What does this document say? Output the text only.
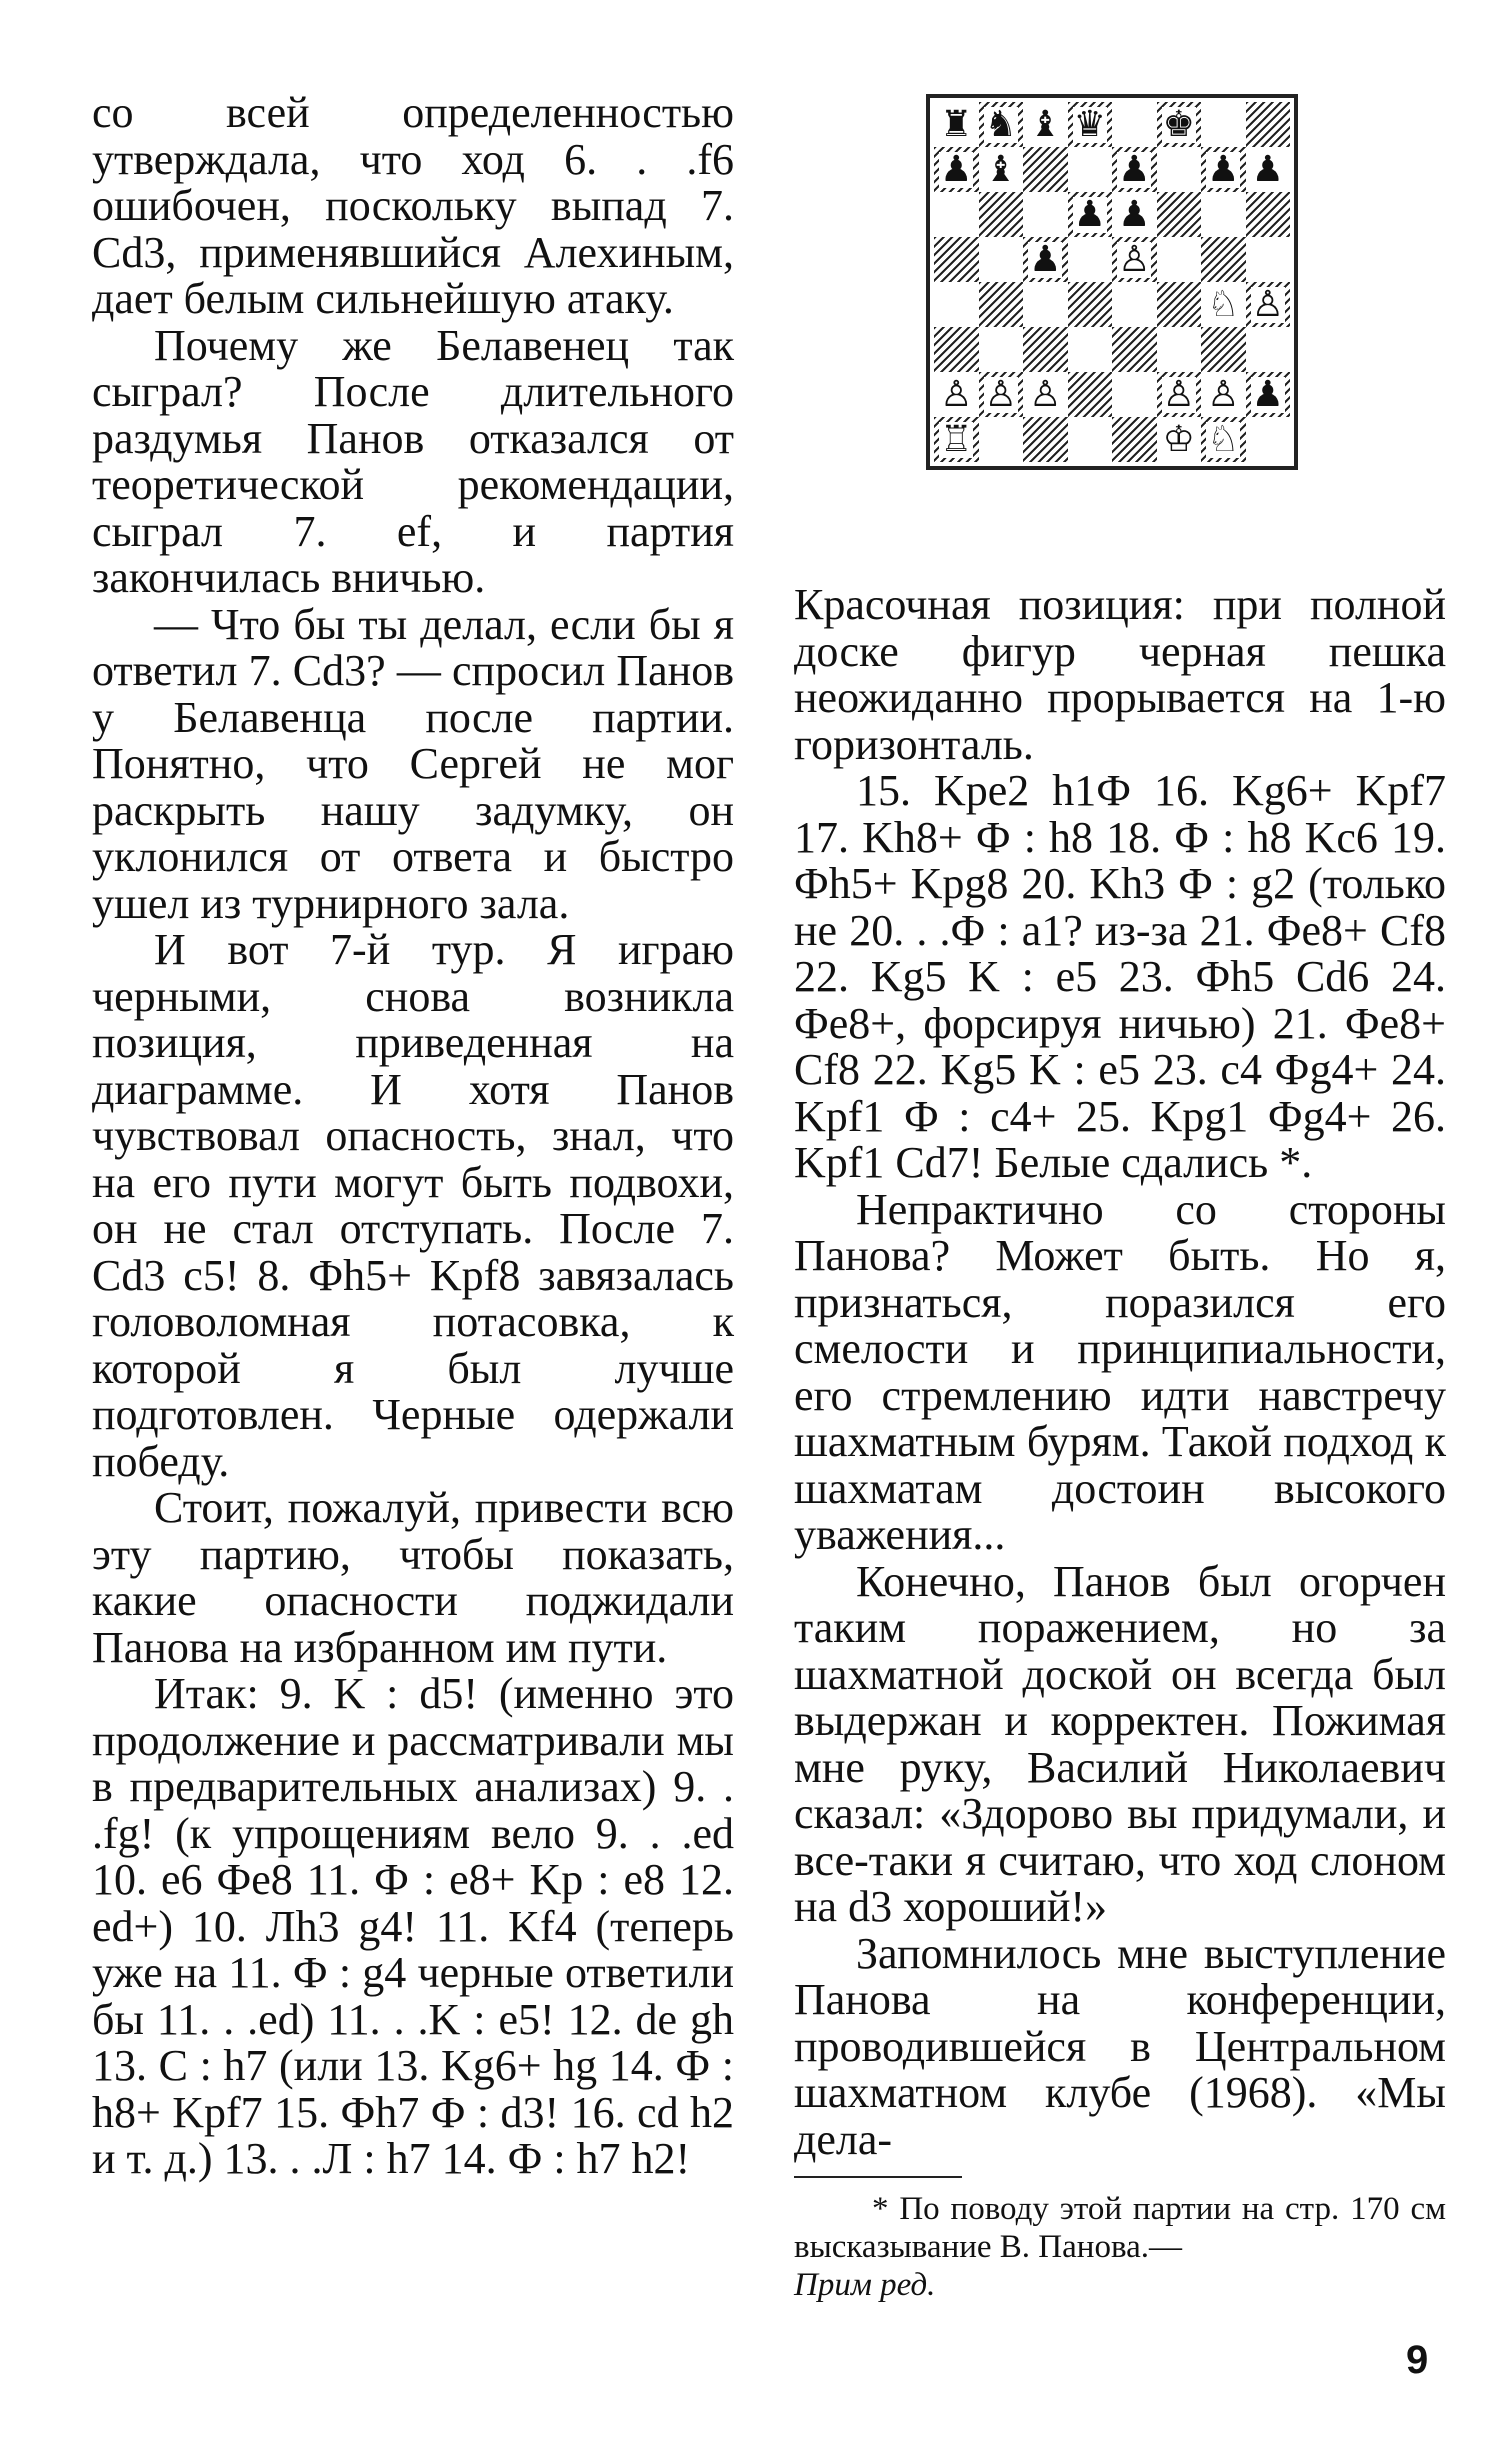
со всей определенностью утверждала, что ход 6. . .f6 ошибочен, поскольку выпад 7. Cd3, применявшийся Алехиным, дает белым сильнейшую атаку.

Почему же Белавенец так сыграл? После длительного раздумья Панов отказался от теоретической рекомендации, сыграл 7. ef, и партия закончилась вничью.

— Что бы ты делал, если бы я ответил 7. Cd3? — спросил Панов у Белавенца после партии. Понятно, что Сергей не мог раскрыть нашу задумку, он уклонился от ответа и быстро ушел из турнирного зала.

И вот 7-й тур. Я играю черными, снова возникла позиция, приведенная на диаграмме. И хотя Панов чувствовал опасность, знал, что на его пути могут быть подвохи, он не стал отступать. После 7. Cd3 c5! 8. Фh5+ Kpf8 завязалась головоломная потасовка, к которой я был лучше подготовлен. Черные одержали победу.

Стоит, пожалуй, привести всю эту партию, чтобы показать, какие опасности поджидали Панова на избранном им пути.

Итак: 9. K : d5! (именно это продолжение и рассматривали мы в предварительных анализах) 9. . .fg! (к упрощениям вело 9. . .ed 10. e6 Фe8 11. Ф : e8+ Kp : e8 12. ed+) 10. Лh3 g4! 11. Kf4 (теперь уже на 11. Ф : g4 черные ответили бы 11. . .ed) 11. . .K : e5! 12. de gh 13. C : h7 (или 13. Kg6+ hg 14. Ф : h8+ Kpf7 15. Фh7 Ф : d3! 16. cd h2 и т. д.) 13. . .Л : h7 14. Ф : h7 h2!

♜ ♞ ♝ ♛ ♚
♟ ♝	♟ ♟ ♟
♟ ♟
♟ ♙
♘ ♙
♙ ♙ ♙	♙ ♙ ♟
♖	♔ ♘

Красочная позиция: при полной доске фигур черная пешка неожиданно прорывается на 1-ю горизонталь.

15. Kpe2 h1Ф 16. Kg6+ Kpf7 17. Kh8+ Ф : h8 18. Ф : h8 Kc6 19. Фh5+ Kpg8 20. Kh3 Ф : g2 (только не 20. . .Ф : a1? из-за 21. Фe8+ Cf8 22. Kg5 K : e5 23. Фh5 Cd6 24. Фe8+, форсируя ничью) 21. Фe8+ Cf8 22. Kg5 K : e5 23. c4 Фg4+ 24. Kpf1 Ф : c4+ 25. Kpg1 Фg4+ 26. Kpf1 Cd7! Белые сдались *.

Непрактично со стороны Панова? Может быть. Но я, признаться, поразился его смелости и принципиальности, его стремлению идти навстречу шахматным бурям. Такой подход к шахматам достоин высокого уважения...

Конечно, Панов был огорчен таким поражением, но за шахматной доской он всегда был выдержан и корректен. Пожимая мне руку, Василий Николаевич сказал: «Здорово вы придумали, и все-таки я считаю, что ход слоном на d3 хороший!»

Запомнилось мне выступление Панова на конференции, проводившейся в Центральном шахматном клубе (1968). «Мы дела-

* По поводу этой партии на стр. 170 см высказывание В. Панова.—
Прим ред.

9
